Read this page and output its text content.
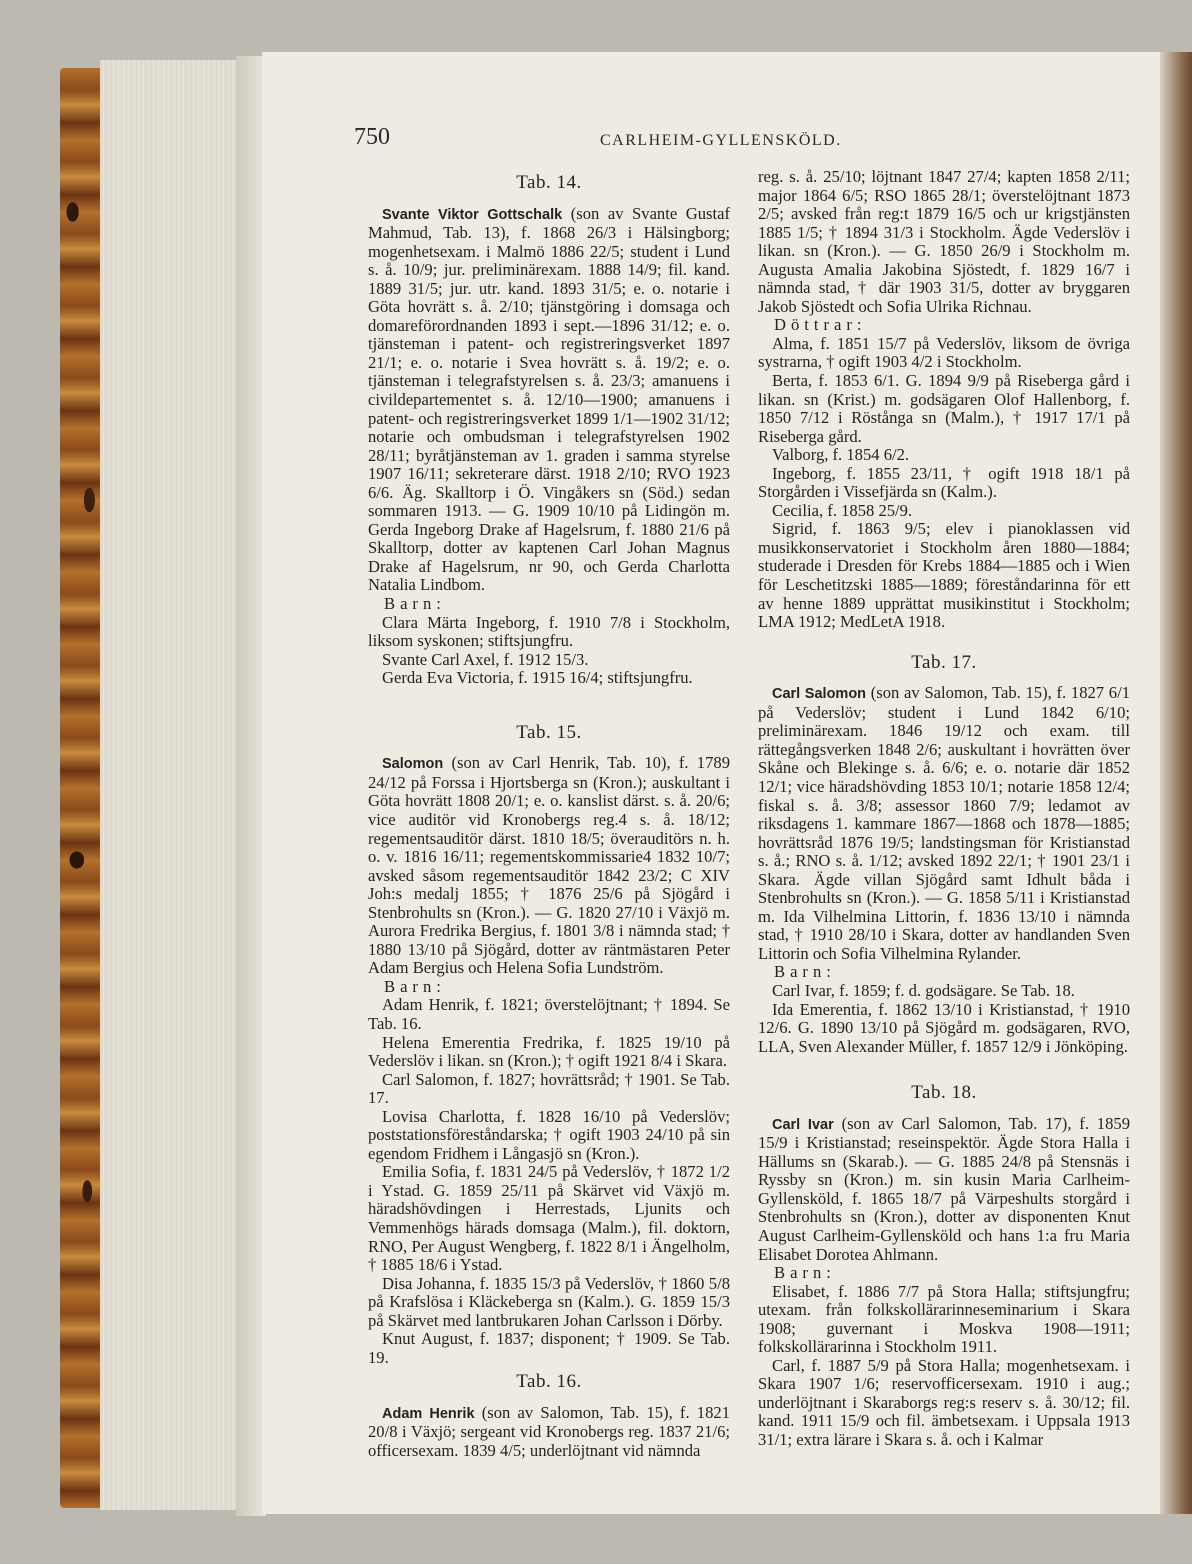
750	CARLHEIM-GYLLENSKÖLD.
Tab. 14.

Svante Viktor Gottschalk (son av Svante Gustaf Mahmud, Tab. 13), f. 1868 26/3 i Hälsingborg; mogenhetsexam. i Malmö 1886 22/5; student i Lund s. å. 10/9; jur. preliminärexam. 1888 14/9; fil. kand. 1889 31/5; jur. utr. kand. 1893 31/5; e. o. notarie i Göta hovrätt s. å. 2/10; tjänstgöring i domsaga och domareförordnanden 1893 i sept.—1896 31/12; e. o. tjänsteman i patent- och registreringsverket 1897 21/1; e. o. notarie i Svea hovrätt s. å. 19/2; e. o. tjänsteman i telegrafstyrelsen s. å. 23/3; amanuens i civildepartementet s. å. 12/10—1900; amanuens i patent- och registreringsverket 1899 1/1—1902 31/12; notarie och ombudsman i telegrafstyrelsen 1902 28/11; byråtjänsteman av 1. graden i samma styrelse 1907 16/11; sekreterare därst. 1918 2/10; RVO 1923 6/6. Äg. Skalltorp i Ö. Vingåkers sn (Söd.) sedan sommaren 1913. — G. 1909 10/10 på Lidingön m. Gerda Ingeborg Drake af Hagelsrum, f. 1880 21/6 på Skalltorp, dotter av kaptenen Carl Johan Magnus Drake af Hagelsrum, nr 90, och Gerda Charlotta Natalia Lindbom.

Barn:

Clara Märta Ingeborg, f. 1910 7/8 i Stockholm, liksom syskonen; stiftsjungfru.

Svante Carl Axel, f. 1912 15/3.

Gerda Eva Victoria, f. 1915 16/4; stiftsjungfru.

Tab. 15.

Salomon (son av Carl Henrik, Tab. 10), f. 1789 24/12 på Forssa i Hjortsberga sn (Kron.); auskultant i Göta hovrätt 1808 20/1; e. o. kanslist därst. s. å. 20/6; vice auditör vid Kronobergs reg.4 s. å. 18/12; regementsauditör därst. 1810 18/5; överauditörs n. h. o. v. 1816 16/11; regementskommissarie4 1832 10/7; avsked såsom regementsauditör 1842 23/2; C XIV Joh:s medalj 1855; † 1876 25/6 på Sjögård i Stenbrohults sn (Kron.). — G. 1820 27/10 i Växjö m. Aurora Fredrika Bergius, f. 1801 3/8 i nämnda stad; † 1880 13/10 på Sjögård, dotter av räntmästaren Peter Adam Bergius och Helena Sofia Lundström.

Barn:

Adam Henrik, f. 1821; överstelöjtnant; † 1894. Se Tab. 16.

Helena Emerentia Fredrika, f. 1825 19/10 på Vederslöv i likan. sn (Kron.); † ogift 1921 8/4 i Skara.

Carl Salomon, f. 1827; hovrättsråd; † 1901. Se Tab. 17.

Lovisa Charlotta, f. 1828 16/10 på Vederslöv; poststationsföreståndarska; † ogift 1903 24/10 på sin egendom Fridhem i Långasjö sn (Kron.).

Emilia Sofia, f. 1831 24/5 på Vederslöv, † 1872 1/2 i Ystad. G. 1859 25/11 på Skärvet vid Växjö m. häradshövdingen i Herrestads, Ljunits och Vemmenhögs härads domsaga (Malm.), fil. doktorn, RNO, Per August Wengberg, f. 1822 8/1 i Ängelholm, † 1885 18/6 i Ystad.

Disa Johanna, f. 1835 15/3 på Vederslöv, † 1860 5/8 på Krafslösa i Kläckeberga sn (Kalm.). G. 1859 15/3 på Skärvet med lantbrukaren Johan Carlsson i Dörby.

Knut August, f. 1837; disponent; † 1909. Se Tab. 19.

Tab. 16.

Adam Henrik (son av Salomon, Tab. 15), f. 1821 20/8 i Växjö; sergeant vid Kronobergs reg. 1837 21/6; officersexam. 1839 4/5; underlöjtnant vid nämnda

reg. s. å. 25/10; löjtnant 1847 27/4; kapten 1858 2/11; major 1864 6/5; RSO 1865 28/1; överstelöjtnant 1873 2/5; avsked från reg:t 1879 16/5 och ur krigstjänsten 1885 1/5; † 1894 31/3 i Stockholm. Ägde Vederslöv i likan. sn (Kron.). — G. 1850 26/9 i Stockholm m. Augusta Amalia Jakobina Sjöstedt, f. 1829 16/7 i nämnda stad, † där 1903 31/5, dotter av bryggaren Jakob Sjöstedt och Sofia Ulrika Richnau.

Döttrar:

Alma, f. 1851 15/7 på Vederslöv, liksom de övriga systrarna, † ogift 1903 4/2 i Stockholm.

Berta, f. 1853 6/1. G. 1894 9/9 på Riseberga gård i likan. sn (Krist.) m. godsägaren Olof Hallenborg, f. 1850 7/12 i Röstånga sn (Malm.), † 1917 17/1 på Riseberga gård.

Valborg, f. 1854 6/2.

Ingeborg, f. 1855 23/11, † ogift 1918 18/1 på Storgården i Vissefjärda sn (Kalm.).

Cecilia, f. 1858 25/9.

Sigrid, f. 1863 9/5; elev i pianoklassen vid musikkonservatoriet i Stockholm åren 1880—1884; studerade i Dresden för Krebs 1884—1885 och i Wien för Leschetitzski 1885—1889; föreståndarinna för ett av henne 1889 upprättat musikinstitut i Stockholm; LMA 1912; MedLetA 1918.

Tab. 17.

Carl Salomon (son av Salomon, Tab. 15), f. 1827 6/1 på Vederslöv; student i Lund 1842 6/10; preliminärexam. 1846 19/12 och exam. till rättegångsverken 1848 2/6; auskultant i hovrätten över Skåne och Blekinge s. å. 6/6; e. o. notarie där 1852 12/1; vice häradshövding 1853 10/1; notarie 1858 12/4; fiskal s. å. 3/8; assessor 1860 7/9; ledamot av riksdagens 1. kammare 1867—1868 och 1878—1885; hovrättsråd 1876 19/5; landstingsman för Kristianstad s. å.; RNO s. å. 1/12; avsked 1892 22/1; † 1901 23/1 i Skara. Ägde villan Sjögård samt Idhult båda i Stenbrohults sn (Kron.). — G. 1858 5/11 i Kristianstad m. Ida Vilhelmina Littorin, f. 1836 13/10 i nämnda stad, † 1910 28/10 i Skara, dotter av handlanden Sven Littorin och Sofia Vilhelmina Rylander.

Barn:

Carl Ivar, f. 1859; f. d. godsägare. Se Tab. 18.

Ida Emerentia, f. 1862 13/10 i Kristianstad, † 1910 12/6. G. 1890 13/10 på Sjögård m. godsägaren, RVO, LLA, Sven Alexander Müller, f. 1857 12/9 i Jönköping.

Tab. 18.

Carl Ivar (son av Carl Salomon, Tab. 17), f. 1859 15/9 i Kristianstad; reseinspektör. Ägde Stora Halla i Hällums sn (Skarab.). — G. 1885 24/8 på Stensnäs i Ryssby sn (Kron.) m. sin kusin Maria Carlheim-Gyllensköld, f. 1865 18/7 på Värpeshults storgård i Stenbrohults sn (Kron.), dotter av disponenten Knut August Carlheim-Gyllensköld och hans 1:a fru Maria Elisabet Dorotea Ahlmann.

Barn:

Elisabet, f. 1886 7/7 på Stora Halla; stiftsjungfru; utexam. från folkskollärarinneseminarium i Skara 1908; guvernant i Moskva 1908—1911; folkskollärarinna i Stockholm 1911.

Carl, f. 1887 5/9 på Stora Halla; mogenhetsexam. i Skara 1907 1/6; reservofficersexam. 1910 i aug.; underlöjtnant i Skaraborgs reg:s reserv s. å. 30/12; fil. kand. 1911 15/9 och fil. ämbetsexam. i Uppsala 1913 31/1; extra lärare i Skara s. å. och i Kalmar
